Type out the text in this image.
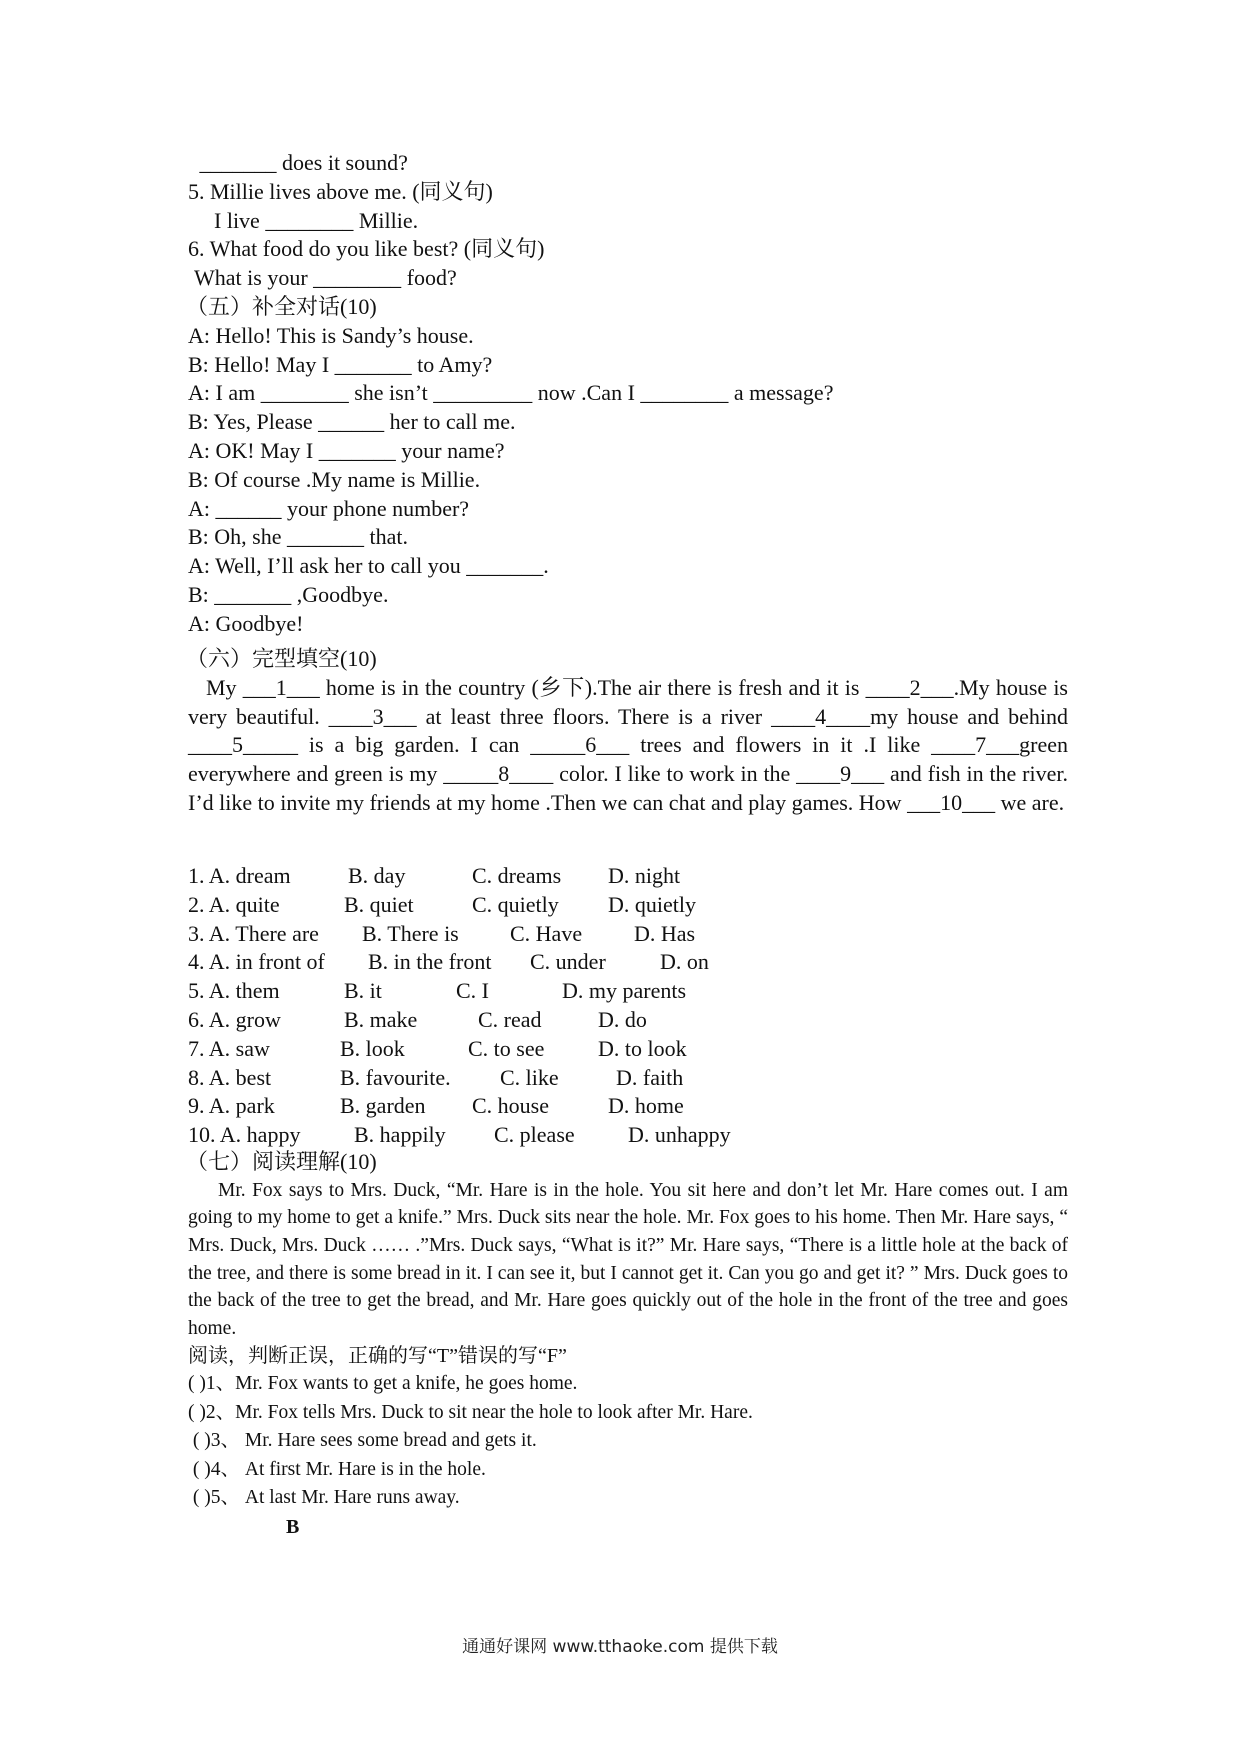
_______ does it sound?

5. Millie lives above me. (同义句)

I live ________ Millie.

6. What food do you like best? (同义句)

What is your ________ food?

（五）补全对话(10)

A: Hello! This is Sandy’s house.

B: Hello! May I _______ to Amy?

A: I am ________ she isn’t _________ now .Can I ________ a message?

B: Yes, Please ______ her to call me.

A: OK! May I _______ your name?

B: Of course .My name is Millie.

A: ______ your phone number?

B: Oh, she _______ that.

A: Well, I’ll ask her to call you _______.

B: _______ ,Goodbye.

A: Goodbye!

（六）完型填空(10)

My ___1___ home is in the country (乡下).The air there is fresh and it is ____2___.My house is very beautiful. ____3___ at least three floors. There is a river ____4____my house and behind ____5_____ is a big garden. I can _____6___ trees and flowers in it .I like ____7___green everywhere and green is my _____8____ color. I like to work in the ____9___ and fish in the river. I’d like to invite my friends at my home .Then we can chat and play games. How ___10___ we are.

1. A. dream

	B. day

	C. dreams

D. night

2. A. quite

	B. quiet

	C. quietly

D. quietly

3. A. There are

B. There is

C. Have

D. Has

4. A. in front of

B. in the front

C. under

D. on

5. A. them

	B. it

	C. I

	D. my parents

6. A. grow

	B. make

	C. read

	D. do

7. A. saw

	B. look

	C. to see

D. to look

8. A. best

	B. favourite.

C. like

	D. faith

9. A. park

	B. garden

C. house

	D. home

10. A. happy

B. happily

C. please

D. unhappy

（七）阅读理解(10)

Mr. Fox says to Mrs. Duck, “Mr. Hare is in the hole. You sit here and don’t let Mr. Hare comes out. I am going to my home to get a knife.” Mrs. Duck sits near the hole. Mr. Fox goes to his home. Then Mr. Hare says, “ Mrs. Duck, Mrs. Duck …… .”Mrs. Duck says, “What is it?” Mr. Hare says, “There is a little hole at the back of the tree, and there is some bread in it. I can see it, but I cannot get it. Can you go and get it? ” Mrs. Duck goes to the back of the tree to get the bread, and Mr. Hare goes quickly out of the hole in the front of the tree and goes home.

阅读，判断正误，正确的写“T”错误的写“F”

( )1、Mr. Fox wants to get a knife, he goes home.

( )2、Mr. Fox tells Mrs. Duck to sit near the hole to look after Mr. Hare.

( )3、 Mr. Hare sees some bread and gets it.

( )4、 At first Mr. Hare is in the hole.

( )5、 At last Mr. Hare runs away.

B

通通好课网 www.tthaoke.com 提供下载
